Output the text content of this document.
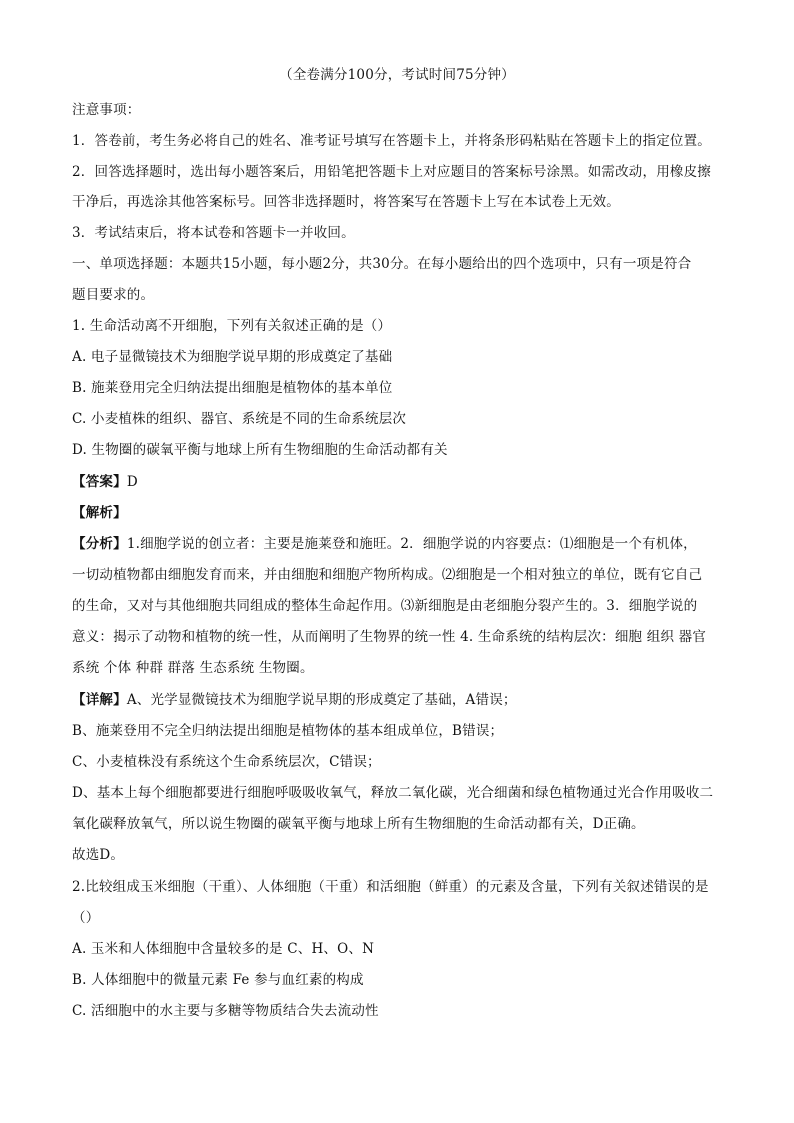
（全卷满分100分，考试时间75分钟）
注意事项：
1．答卷前，考生务必将自己的姓名、准考证号填写在答题卡上，并将条形码粘贴在答题卡上的指定位置。
2．回答选择题时，选出每小题答案后，用铅笔把答题卡上对应题目的答案标号涂黑。如需改动，用橡皮擦
干净后，再选涂其他答案标号。回答非选择题时，将答案写在答题卡上写在本试卷上无效。
3．考试结束后，将本试卷和答题卡一并收回。
一、单项选择题：本题共15小题，每小题2分，共30分。在每小题给出的四个选项中，只有一项是符合
题目要求的。
1. 生命活动离不开细胞，下列有关叙述正确的是（）
A. 电子显微镜技术为细胞学说早期的形成奠定了基础
B. 施莱登用完全归纳法提出细胞是植物体的基本单位
C. 小麦植株的组织、器官、系统是不同的生命系统层次
D. 生物圈的碳氧平衡与地球上所有生物细胞的生命活动都有关
【答案】D
【解析】
【分析】1.细胞学说的创立者：主要是施莱登和施旺。2．细胞学说的内容要点：⑴细胞是一个有机体，
一切动植物都由细胞发育而来，并由细胞和细胞产物所构成。⑵细胞是一个相对独立的单位，既有它自己
的生命，又对与其他细胞共同组成的整体生命起作用。⑶新细胞是由老细胞分裂产生的。3．细胞学说的
意义：揭示了动物和植物的统一性，从而阐明了生物界的统一性 4. 生命系统的结构层次：细胞 组织 器官
系统 个体 种群 群落 生态系统 生物圈。
【详解】A、光学显微镜技术为细胞学说早期的形成奠定了基础，A错误；
B、施莱登用不完全归纳法提出细胞是植物体的基本组成单位，B错误；
C、小麦植株没有系统这个生命系统层次，C错误；
D、基本上每个细胞都要进行细胞呼吸吸收氧气，释放二氧化碳，光合细菌和绿色植物通过光合作用吸收二
氧化碳释放氧气，所以说生物圈的碳氧平衡与地球上所有生物细胞的生命活动都有关，D正确。
故选D。
2.比较组成玉米细胞（干重）、人体细胞（干重）和活细胞（鲜重）的元素及含量，下列有关叙述错误的是
（）
A. 玉米和人体细胞中含量较多的是 C、H、O、N
B. 人体细胞中的微量元素 Fe 参与血红素的构成
C. 活细胞中的水主要与多糖等物质结合失去流动性
